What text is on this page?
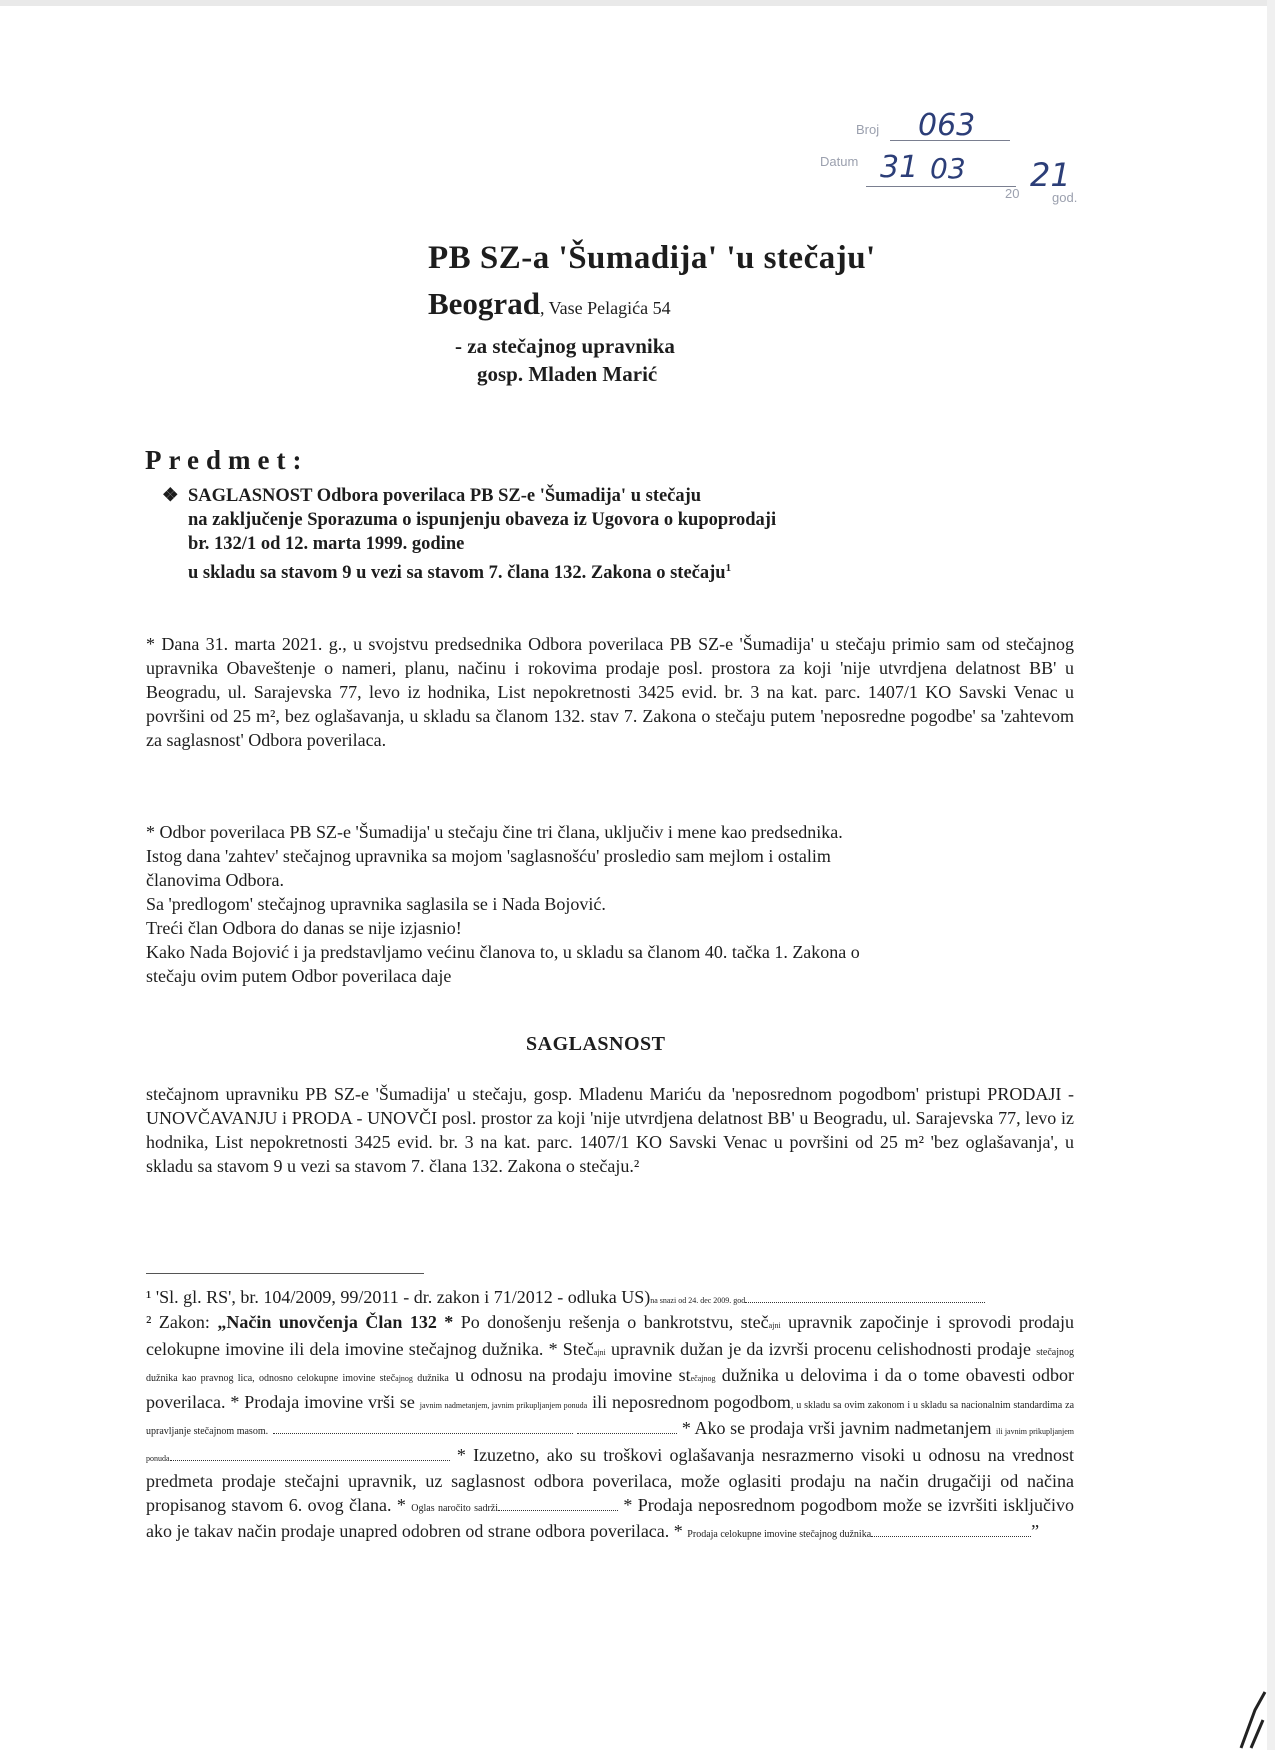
Broj 063
Datum 31 03
20 21
god.
PB SZ-a 'Šumadija' 'u stečaju'
Beograd, Vase Pelagića 54
- za stečajnog upravnika
gosp. Mladen Marić
Predmet:
❖ SAGLASNOST Odbora poverilaca PB SZ-e 'Šumadija' u stečaju
na zaključenje Sporazuma o ispunjenju obaveza iz Ugovora o kupoprodaji
br. 132/1 od 12. marta 1999. godine
u skladu sa stavom 9 u vezi sa stavom 7. člana 132. Zakona o stečaju$^1$
* Dana 31. marta 2021. g., u svojstvu predsednika Odbora poverilaca PB SZ-e 'Šumadija' u stečaju primio sam od stečajnog upravnika Obaveštenje o nameri, planu, načinu i rokovima prodaje posl. prostora za koji 'nije utvrdjena delatnost BB' u Beogradu, ul. Sarajevska 77, levo iz hodnika, List nepokretnosti 3425 evid. br. 3 na kat. parc. 1407/1 KO Savski Venac u površini od 25 m², bez oglašavanja, u skladu sa članom 132. stav 7. Zakona o stečaju putem 'neposredne pogodbe' sa 'zahtevom za saglasnost' Odbora poverilaca.
* Odbor poverilaca PB SZ-e 'Šumadija' u stečaju čine tri člana, uključiv i mene kao predsednika.
Istog dana 'zahtev' stečajnog upravnika sa mojom 'saglasnošću' prosledio sam mejlom i ostalim
članovima Odbora.
Sa 'predlogom' stečajnog upravnika saglasila se i Nada Bojović.
Treći član Odbora do danas se nije izjasnio!
Kako Nada Bojović i ja predstavljamo većinu članova to, u skladu sa članom 40. tačka 1. Zakona o
stečaju ovim putem Odbor poverilaca daje
SAGLASNOST
stečajnom upravniku PB SZ-e 'Šumadija' u stečaju, gosp. Mladenu Mariću da 'neposrednom pogodbom' pristupi PRODAJI - UNOVČAVANJU i PRODA - UNOVČI posl. prostor za koji 'nije utvrdjena delatnost BB' u Beogradu, ul. Sarajevska 77, levo iz hodnika, List nepokretnosti 3425 evid. br. 3 na kat. parc. 1407/1 KO Savski Venac u površini od 25 m² 'bez oglašavanja', u skladu sa stavom 9 u vezi sa stavom 7. člana 132. Zakona o stečaju.²
¹ 'Sl. gl. RS', br. 104/2009, 99/2011 - dr. zakon i 71/2012 - odluka US)na snazi od 24. dec 2009. god
² Zakon: „Način unovčenja Član 132 * Po donošenju rešenja o bankrotstvu, stečajni upravnik započinje i sprovodi prodaju celokupne imovine ili dela imovine stečajnog dužnika. * Stečajni upravnik dužan je da izvrši procenu celishodnosti prodaje stečajnog dužnika kao pravnog lica, odnosno celokupne imovine stečajnog dužnika u odnosu na prodaju imovine stečajnog dužnika u delovima i da o tome obavesti odbor poverilaca. * Prodaja imovine vrši se javnim nadmetanjem, javnim prikupljanjem ponuda ili neposrednom pogodbom, u skladu sa ovim zakonom i u skladu sa nacionalnim standardima za upravljanje stečajnom masom.	* Ako se prodaja vrši javnim nadmetanjem ili javnim prikupljanjem ponuda	* Izuzetno, ako su troškovi oglašavanja nesrazmerno visoki u odnosu na vrednost predmeta prodaje stečajni upravnik, uz saglasnost odbora poverilaca, može oglasiti prodaju na način drugačiji od načina propisanog stavom 6. ovog člana. * Oglas naročito sadrži	* Prodaja neposrednom pogodbom može se izvršiti isključivo ako je takav način prodaje unapred odobren od strane odbora poverilaca. * Prodaja celokupne imovine stečajnog dužnika	”
